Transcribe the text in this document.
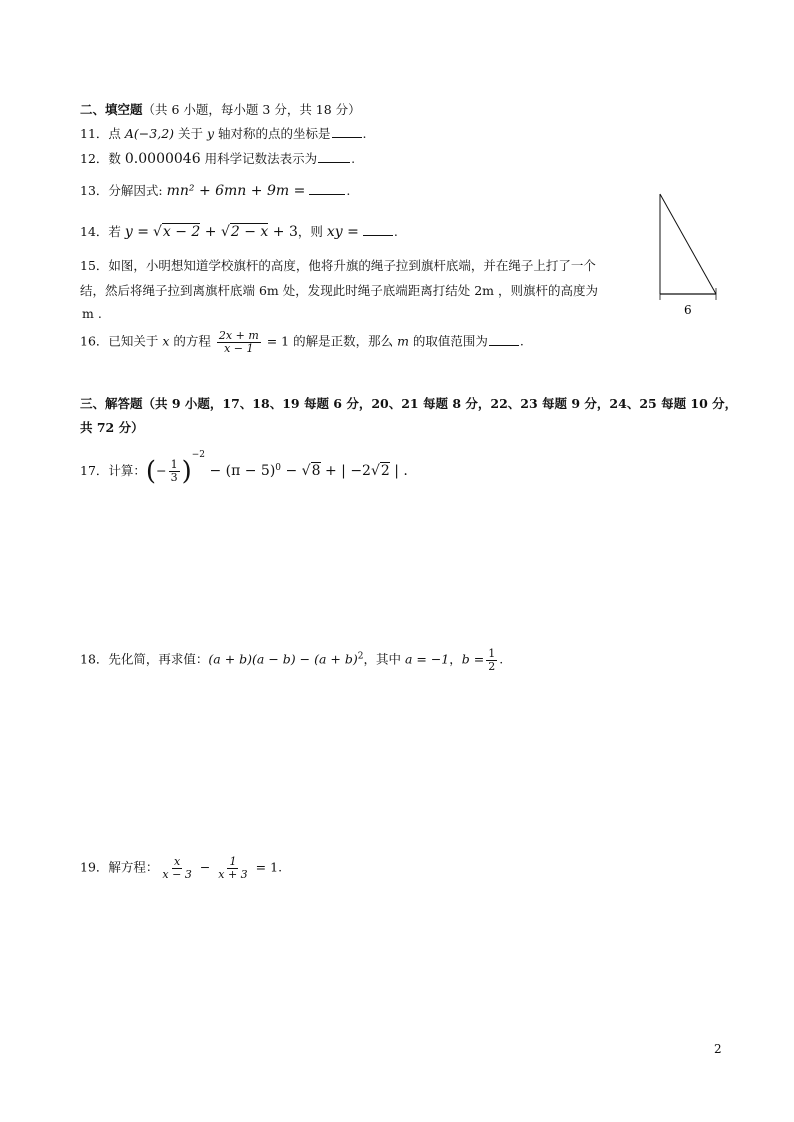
二、填空题（共 6 小题，每小题 3 分，共 18 分）
11．点 A(−3,2) 关于 y 轴对称的点的坐标是	.
12．数 0.0000046 用科学记数法表示为	.
13．分解因式: mn² + 6mn + 9m =	.
14．若 y = √x − 2 + √2 − x + 3，则 xy =	.
15．如图，小明想知道学校旗杆的高度，他将升旗的绳子拉到旗杆底端，并在绳子上打了一个
结，然后将绳子拉到离旗杆底端 6m 处，发现此时绳子底端距离打结处 2m ，则旗杆的高度为
m .	6
16．已知关于 x 的方程 $\frac{2x + m}{x - 1} = 1$ 的解是正数，那么 m 的取值范围为	.
三、解答题（共 9 小题，17、18、19 每题 6 分，20、21 每题 8 分，22、23 每题 9 分，24、25 每题 10 分，
共 72 分）
17．计算：(− $\frac{1}{3} )^{-2} - (\pi - 5)^0 - √8$ + | −2√2 | .
18．先化简，再求值：$(a + b)(a - b) - (a + b)^2$，其中 a = −1，$b = \frac{1}{2}$ .
19．解方程： $\frac{x}{x - 3} - \frac{1}{x + 3} = 1$.
2
